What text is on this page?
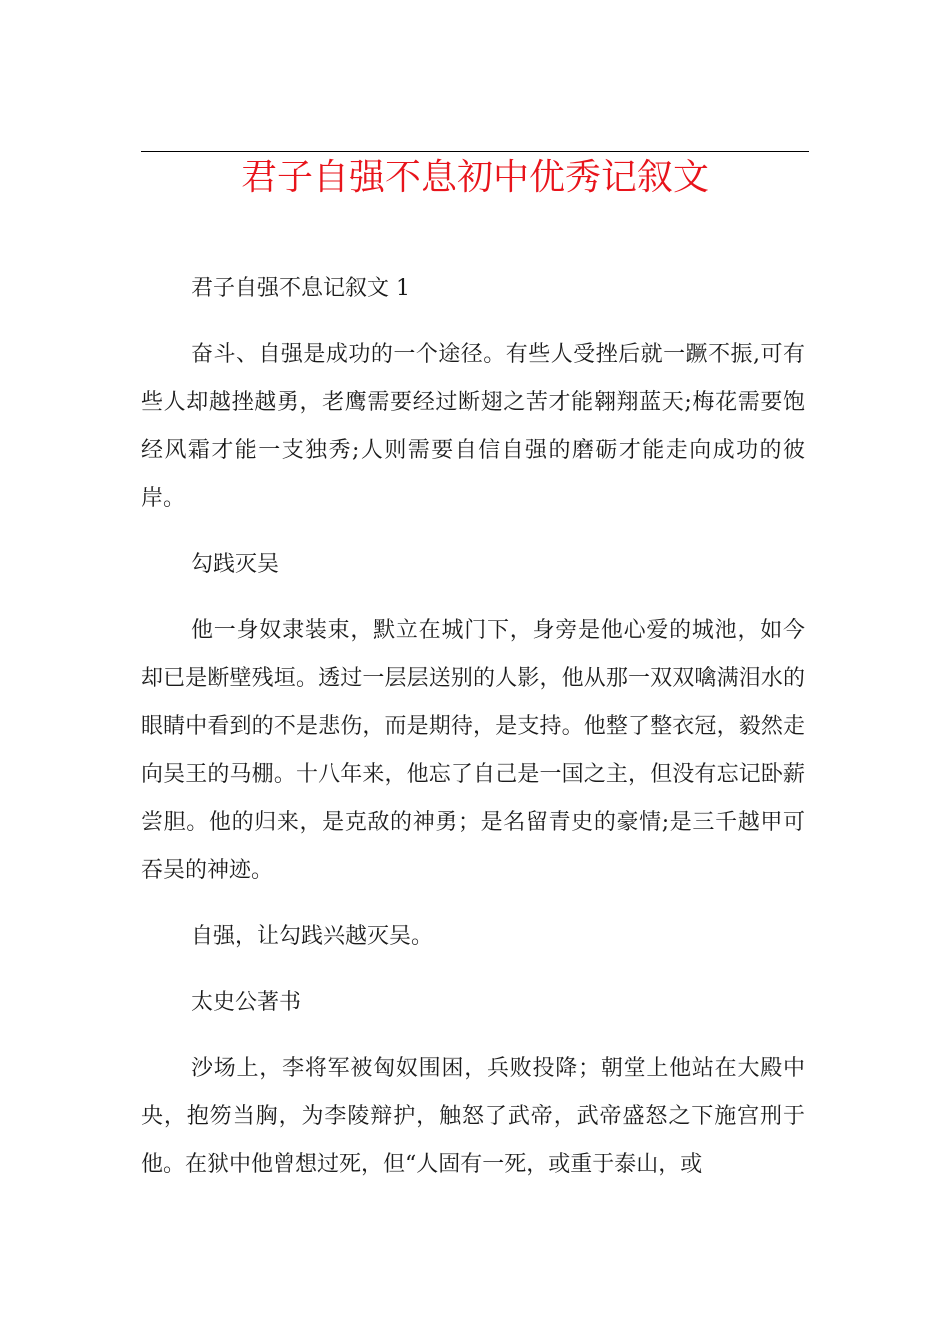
君子自强不息初中优秀记叙文

君子自强不息记叙文 1

奋斗、自强是成功的一个途径。有些人受挫后就一蹶不振,可有些人却越挫越勇，老鹰需要经过断翅之苦才能翱翔蓝天;梅花需要饱经风霜才能一支独秀;人则需要自信自强的磨砺才能走向成功的彼岸。

勾践灭吴

他一身奴隶装束，默立在城门下，身旁是他心爱的城池，如今却已是断壁残垣。透过一层层送别的人影，他从那一双双噙满泪水的眼睛中看到的不是悲伤，而是期待，是支持。他整了整衣冠，毅然走向吴王的马棚。十八年来，他忘了自己是一国之主，但没有忘记卧薪尝胆。他的归来，是克敌的神勇；是名留青史的豪情;是三千越甲可吞吴的神迹。

自强，让勾践兴越灭吴。

太史公著书

沙场上，李将军被匈奴围困，兵败投降；朝堂上他站在大殿中央，抱笏当胸，为李陵辩护，触怒了武帝，武帝盛怒之下施宫刑于他。在狱中他曾想过死，但“人固有一死，或重于泰山，或
